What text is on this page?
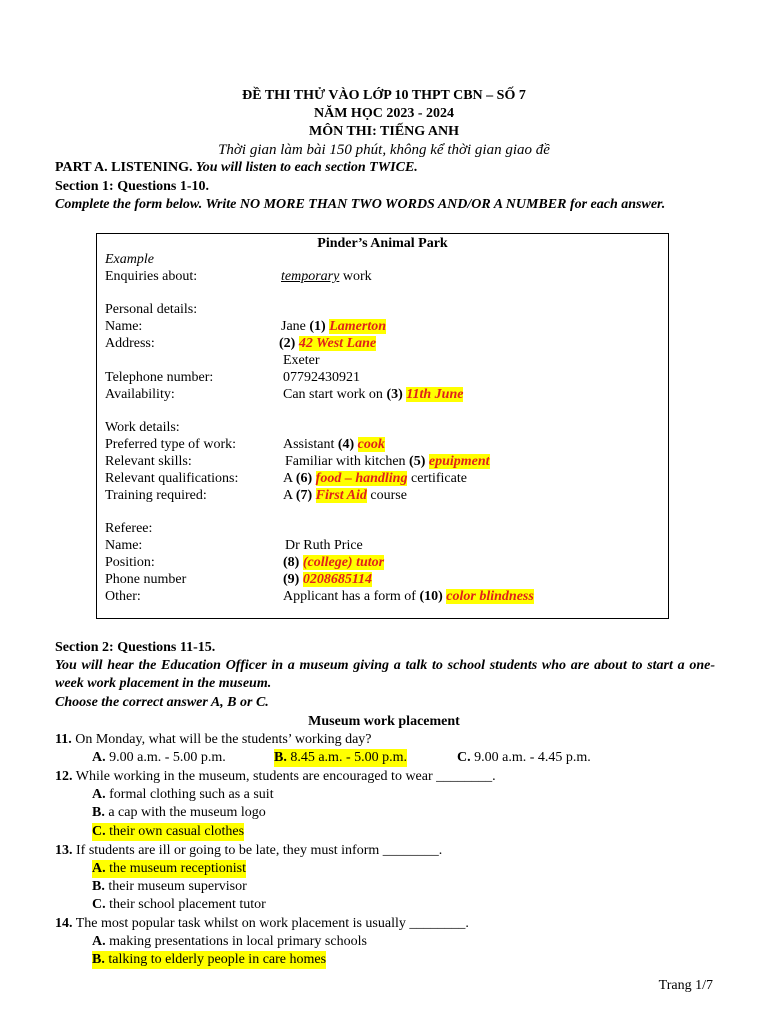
ĐỀ THI THỬ VÀO LỚP 10 THPT CBN – SỐ 7
NĂM HỌC 2023 - 2024
MÔN THI: TIẾNG ANH
Thời gian làm bài 150 phút, không kể thời gian giao đề
PART A. LISTENING. You will listen to each section TWICE.
Section 1: Questions 1-10.
Complete the form below. Write NO MORE THAN TWO WORDS AND/OR A NUMBER for each answer.
Pinder’s Animal Park
Example
Enquiries about:	temporary work
Personal details:
Name:	Jane (1) Lamerton
Address:	(2) 42 West Lane
Exeter
Telephone number:	07792430921
Availability:	Can start work on (3) 11th June
Work details:
Preferred type of work:	Assistant (4) cook
Relevant skills:	Familiar with kitchen (5) epuipment
Relevant qualifications:	A (6) food – handling certificate
Training required:	A (7) First Aid course
Referee:
Name:	Dr Ruth Price
Position:	(8) (college) tutor
Phone number	(9) 0208685114
Other:	Applicant has a form of (10) color blindness
Section 2: Questions 11-15.
You will hear the Education Officer in a museum giving a talk to school students who are about to start a one-week work placement in the museum.
Choose the correct answer A, B or C.
Museum work placement
11. On Monday, what will be the students’ working day?
A. 9.00 a.m. - 5.00 p.m.	B. 8.45 a.m. - 5.00 p.m.	C. 9.00 a.m. - 4.45 p.m.
12. While working in the museum, students are encouraged to wear ________.
A. formal clothing such as a suit
B. a cap with the museum logo
C. their own casual clothes
13. If students are ill or going to be late, they must inform ________.
A. the museum receptionist
B. their museum supervisor
C. their school placement tutor
14. The most popular task whilst on work placement is usually ________.
A. making presentations in local primary schools
B. talking to elderly people in care homes
Trang 1/7
